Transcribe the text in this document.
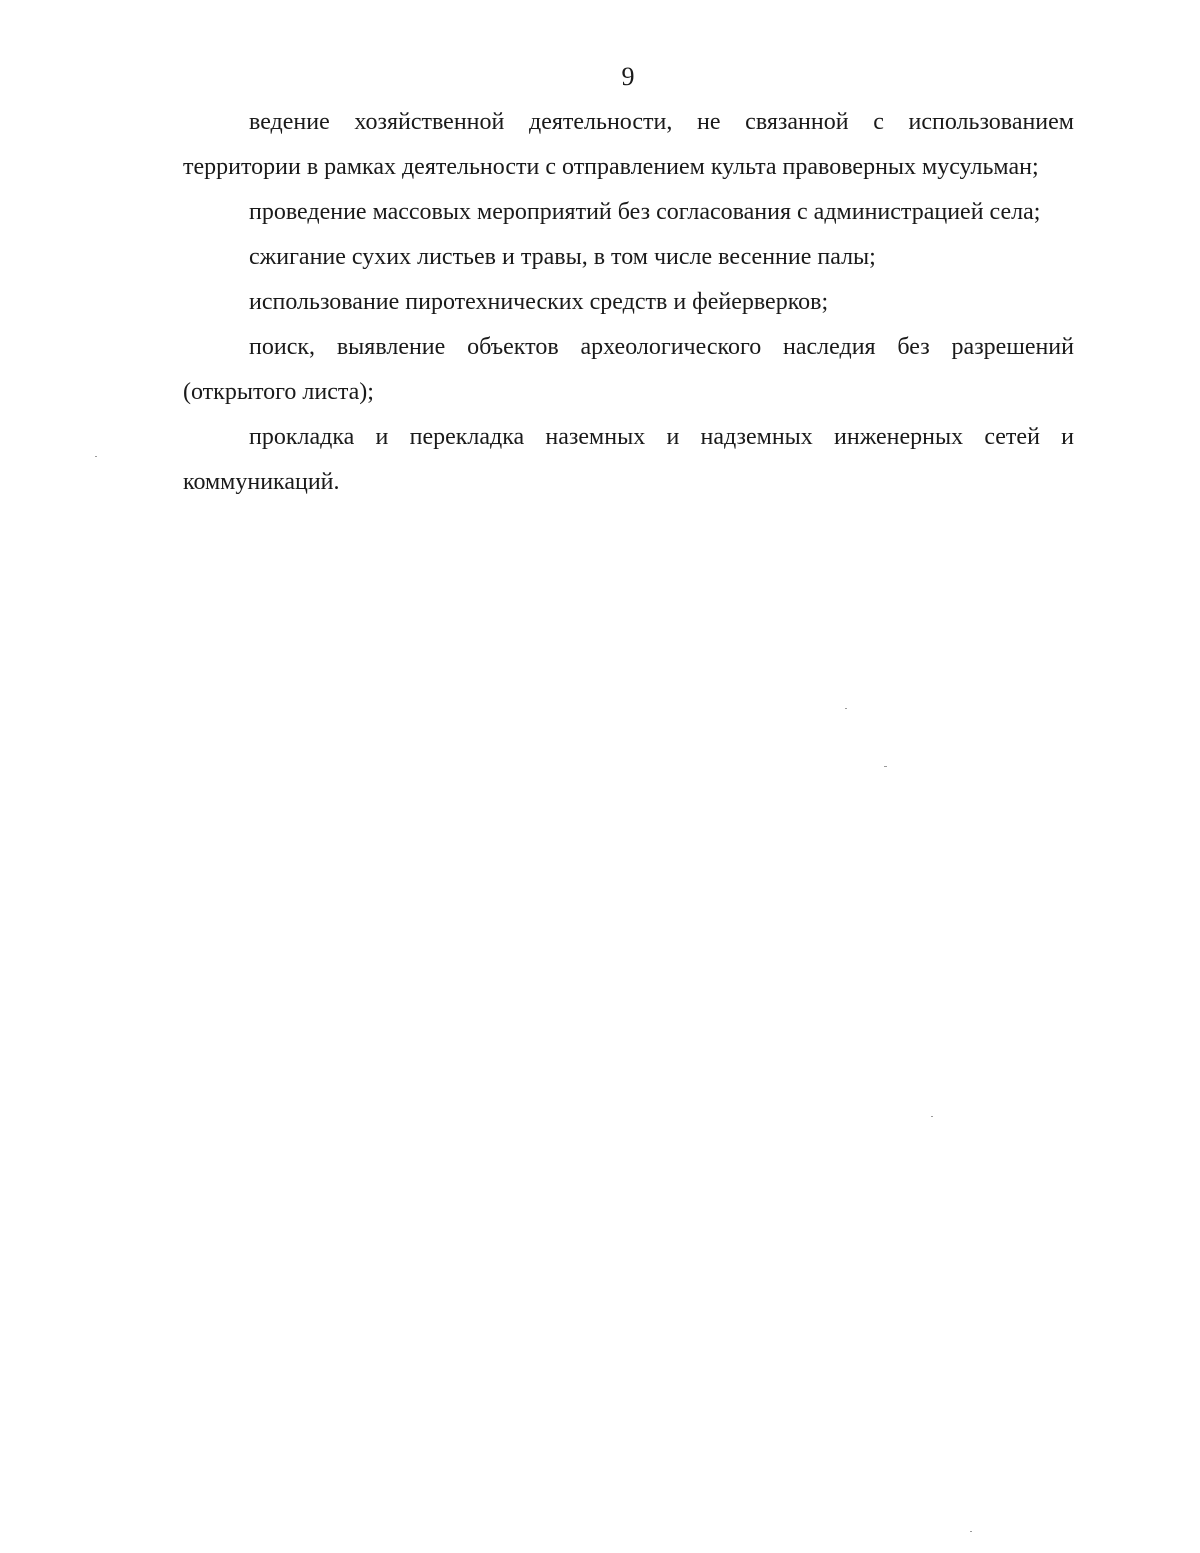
9

ведение хозяйственной деятельности, не связанной с использованием территории в рамках деятельности с отправлением культа правоверных мусульман;

проведение массовых мероприятий без согласования с администрацией села;

сжигание сухих листьев и травы, в том числе весенние палы;

использование пиротехнических средств и фейерверков;

поиск, выявление объектов археологического наследия без разрешений (открытого листа);

прокладка и перекладка наземных и надземных инженерных сетей и коммуникаций.
